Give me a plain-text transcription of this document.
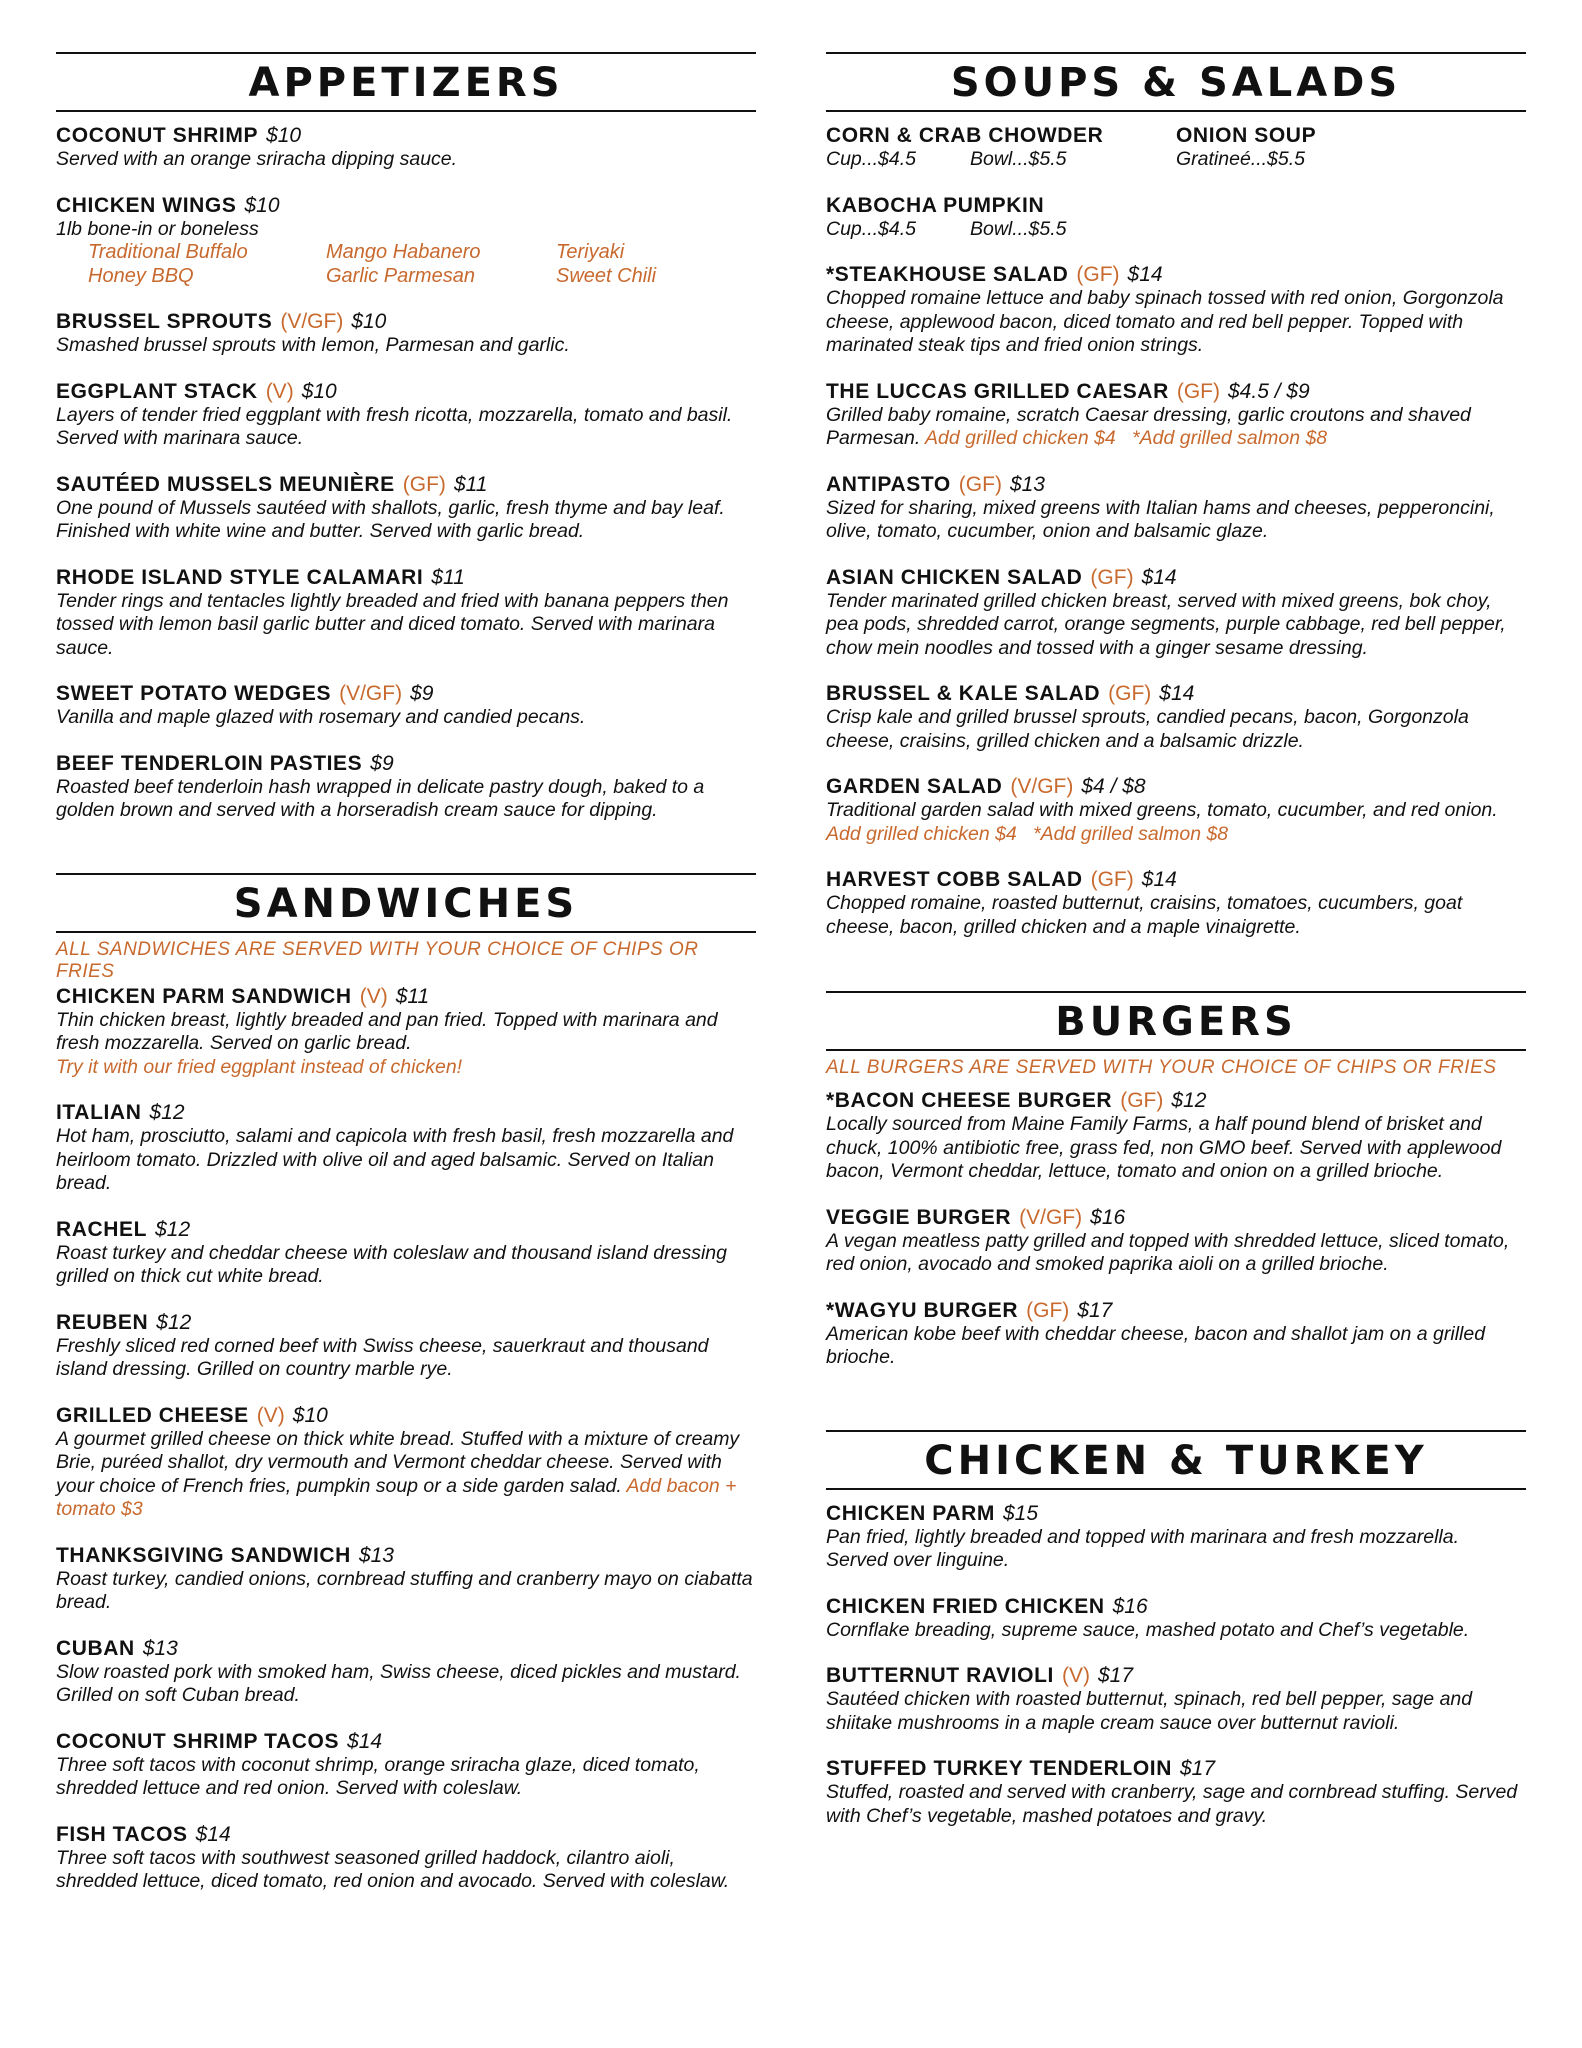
APPETIZERS
COCONUT SHRIMP $10
Served with an orange sriracha dipping sauce.
CHICKEN WINGS $10
1lb bone-in or boneless
Traditional Buffalo	Mango Habanero	Teriyaki
Honey BBQ	Garlic Parmesan	Sweet Chili
BRUSSEL SPROUTS (V/GF) $10
Smashed brussel sprouts with lemon, Parmesan and garlic.
EGGPLANT STACK (V) $10
Layers of tender fried eggplant with fresh ricotta, mozzarella, tomato and basil. Served with marinara sauce.
SAUTÉED MUSSELS MEUNIÈRE (GF) $11
One pound of Mussels sautéed with shallots, garlic, fresh thyme and bay leaf. Finished with white wine and butter. Served with garlic bread.
RHODE ISLAND STYLE CALAMARI $11
Tender rings and tentacles lightly breaded and fried with banana peppers then tossed with lemon basil garlic butter and diced tomato. Served with marinara sauce.
SWEET POTATO WEDGES (V/GF) $9
Vanilla and maple glazed with rosemary and candied pecans.
BEEF TENDERLOIN PASTIES $9
Roasted beef tenderloin hash wrapped in delicate pastry dough, baked to a golden brown and served with a horseradish cream sauce for dipping.
SANDWICHES
ALL SANDWICHES ARE SERVED WITH YOUR CHOICE OF CHIPS OR FRIES
CHICKEN PARM SANDWICH (V) $11
Thin chicken breast, lightly breaded and pan fried. Topped with marinara and fresh mozzarella. Served on garlic bread.
Try it with our fried eggplant instead of chicken!
ITALIAN $12
Hot ham, prosciutto, salami and capicola with fresh basil, fresh mozzarella and heirloom tomato. Drizzled with olive oil and aged balsamic. Served on Italian bread.
RACHEL $12
Roast turkey and cheddar cheese with coleslaw and thousand island dressing grilled on thick cut white bread.
REUBEN $12
Freshly sliced red corned beef with Swiss cheese, sauerkraut and thousand island dressing. Grilled on country marble rye.
GRILLED CHEESE (V) $10
A gourmet grilled cheese on thick white bread. Stuffed with a mixture of creamy Brie, puréed shallot, dry vermouth and Vermont cheddar cheese. Served with your choice of French fries, pumpkin soup or a side garden salad. Add bacon + tomato $3
THANKSGIVING SANDWICH $13
Roast turkey, candied onions, cornbread stuffing and cranberry mayo on ciabatta bread.
CUBAN $13
Slow roasted pork with smoked ham, Swiss cheese, diced pickles and mustard. Grilled on soft Cuban bread.
COCONUT SHRIMP TACOS $14
Three soft tacos with coconut shrimp, orange sriracha glaze, diced tomato, shredded lettuce and red onion. Served with coleslaw.
FISH TACOS $14
Three soft tacos with southwest seasoned grilled haddock, cilantro aioli, shredded lettuce, diced tomato, red onion and avocado. Served with coleslaw.
SOUPS & SALADS
CORN & CRAB CHOWDER
Cup...$4.5	Bowl...$5.5
ONION SOUP
Gratineé...$5.5
KABOCHA PUMPKIN
Cup...$4.5	Bowl...$5.5
*STEAKHOUSE SALAD (GF) $14
Chopped romaine lettuce and baby spinach tossed with red onion, Gorgonzola cheese, applewood bacon, diced tomato and red bell pepper. Topped with marinated steak tips and fried onion strings.
THE LUCCAS GRILLED CAESAR (GF) $4.5 / $9
Grilled baby romaine, scratch Caesar dressing, garlic croutons and shaved Parmesan. Add grilled chicken $4   *Add grilled salmon $8
ANTIPASTO (GF) $13
Sized for sharing, mixed greens with Italian hams and cheeses, pepperoncini, olive, tomato, cucumber, onion and balsamic glaze.
ASIAN CHICKEN SALAD (GF) $14
Tender marinated grilled chicken breast, served with mixed greens, bok choy, pea pods, shredded carrot, orange segments, purple cabbage, red bell pepper, chow mein noodles and tossed with a ginger sesame dressing.
BRUSSEL & KALE SALAD (GF) $14
Crisp kale and grilled brussel sprouts, candied pecans, bacon, Gorgonzola cheese, craisins, grilled chicken and a balsamic drizzle.
GARDEN SALAD (V/GF) $4 / $8
Traditional garden salad with mixed greens, tomato, cucumber, and red onion. Add grilled chicken $4   *Add grilled salmon $8
HARVEST COBB SALAD (GF) $14
Chopped romaine, roasted butternut, craisins, tomatoes, cucumbers, goat cheese, bacon, grilled chicken and a maple vinaigrette.
BURGERS
ALL BURGERS ARE SERVED WITH YOUR CHOICE OF CHIPS OR FRIES
*BACON CHEESE BURGER (GF) $12
Locally sourced from Maine Family Farms, a half pound blend of brisket and chuck, 100% antibiotic free, grass fed, non GMO beef. Served with applewood bacon, Vermont cheddar, lettuce, tomato and onion on a grilled brioche.
VEGGIE BURGER (V/GF) $16
A vegan meatless patty grilled and topped with shredded lettuce, sliced tomato, red onion, avocado and smoked paprika aioli on a grilled brioche.
*WAGYU BURGER (GF) $17
American kobe beef with cheddar cheese, bacon and shallot jam on a grilled brioche.
CHICKEN & TURKEY
CHICKEN PARM $15
Pan fried, lightly breaded and topped with marinara and fresh mozzarella. Served over linguine.
CHICKEN FRIED CHICKEN $16
Cornflake breading, supreme sauce, mashed potato and Chef’s vegetable.
BUTTERNUT RAVIOLI (V) $17
Sautéed chicken with roasted butternut, spinach, red bell pepper, sage and shiitake mushrooms in a maple cream sauce over butternut ravioli.
STUFFED TURKEY TENDERLOIN $17
Stuffed, roasted and served with cranberry, sage and cornbread stuffing. Served with Chef’s vegetable, mashed potatoes and gravy.
